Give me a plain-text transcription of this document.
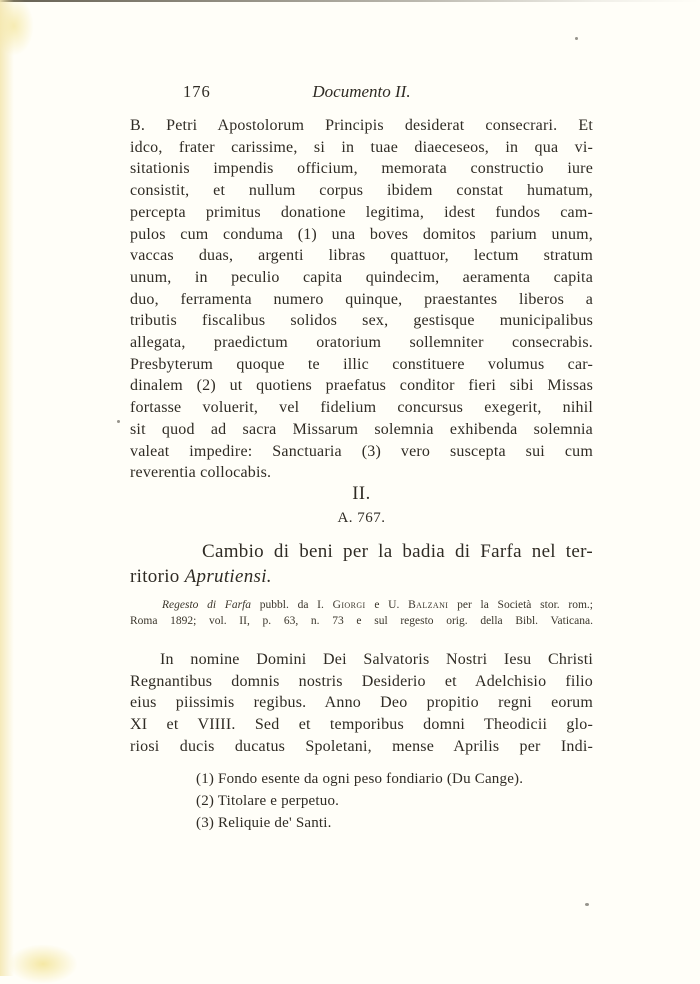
176	Documento II.
B. Petri Apostolorum Principis desiderat consecrari. Et
idco, frater carissime, si in tuae diaeceseos, in qua vi-
sitationis impendis officium, memorata constructio iure
consistit, et nullum corpus ibidem constat humatum,
percepta primitus donatione legitima, idest fundos cam-
pulos cum conduma (1) una boves domitos parium unum,
vaccas duas, argenti libras quattuor, lectum stratum
unum, in peculio capita quindecim, aeramenta capita
duo, ferramenta numero quinque, praestantes liberos a
tributis fiscalibus solidos sex, gestisque municipalibus
allegata, praedictum oratorium sollemniter consecrabis.
Presbyterum quoque te illic constituere volumus car-
dinalem (2) ut quotiens praefatus conditor fieri sibi Missas
fortasse voluerit, vel fidelium concursus exegerit, nihil
sit quod ad sacra Missarum solemnia exhibenda solemnia
valeat impedire: Sanctuaria (3) vero suscepta sui cum
reverentia collocabis.
II.
A. 767.
Cambio di beni per la badia di Farfa nel ter-
ritorio Aprutiensi.
Regesto di Farfa pubbl. da I. Giorgi e U. Balzani per la Società stor. rom.;
Roma 1892; vol. II, p. 63, n. 73 e sul regesto orig. della Bibl. Vaticana.
In nomine Domini Dei Salvatoris Nostri Iesu Christi
Regnantibus domnis nostris Desiderio et Adelchisio filio
eius piissimis regibus. Anno Deo propitio regni eorum
XI et VIIII. Sed et temporibus domni Theodicii glo-
riosi ducis ducatus Spoletani, mense Aprilis per Indi-
(1) Fondo esente da ogni peso fondiario (Du Cange).
(2) Titolare e perpetuo.
(3) Reliquie de' Santi.
